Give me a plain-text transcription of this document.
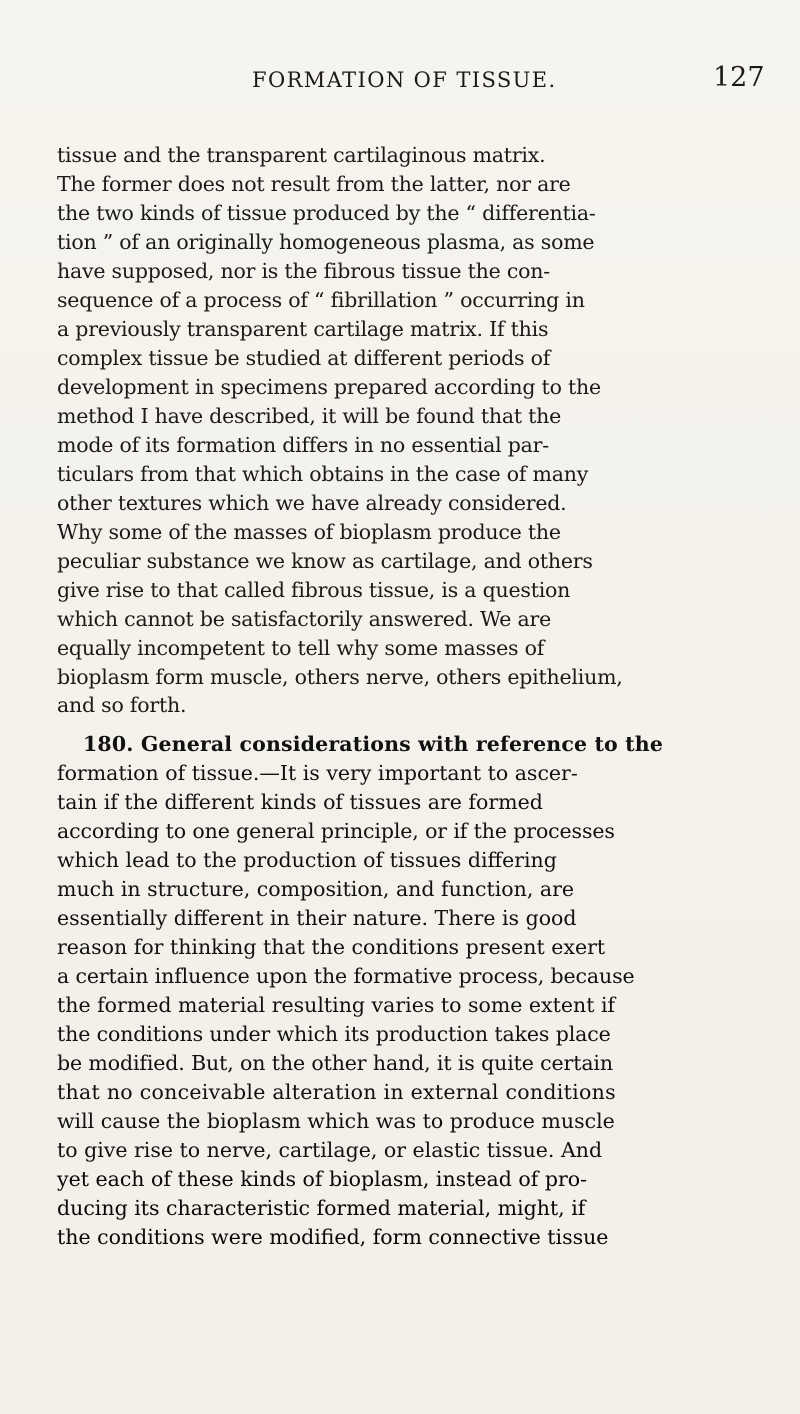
FORMATION OF TISSUE.	127

tissue and the transparent cartilaginous matrix.

The former does not result from the latter, nor are

the two kinds of tissue produced by the “ differentia-

tion ” of an originally homogeneous plasma, as some

have supposed, nor is the fibrous tissue the con-

sequence of a process of “ fibrillation ” occurring in

a previously transparent cartilage matrix. If this

complex tissue be studied at different periods of

development in specimens prepared according to the

method I have described, it will be found that the

mode of its formation differs in no essential par-

ticulars from that which obtains in the case of many

other textures which we have already considered.

Why some of the masses of bioplasm produce the

peculiar substance we know as cartilage, and others

give rise to that called fibrous tissue, is a question

which cannot be satisfactorily answered. We are

equally incompetent to tell why some masses of

bioplasm form muscle, others nerve, others epithelium,

and so forth.

180. General considerations with reference to the

formation of tissue.—It is very important to ascer-

tain if the different kinds of tissues are formed

according to one general principle, or if the processes

which lead to the production of tissues differing

much in structure, composition, and function, are

essentially different in their nature. There is good

reason for thinking that the conditions present exert

a certain influence upon the formative process, because

the formed material resulting varies to some extent if

the conditions under which its production takes place

be modified. But, on the other hand, it is quite certain

that no conceivable alteration in external conditions

will cause the bioplasm which was to produce muscle

to give rise to nerve, cartilage, or elastic tissue. And

yet each of these kinds of bioplasm, instead of pro-

ducing its characteristic formed material, might, if

the conditions were modified, form connective tissue
